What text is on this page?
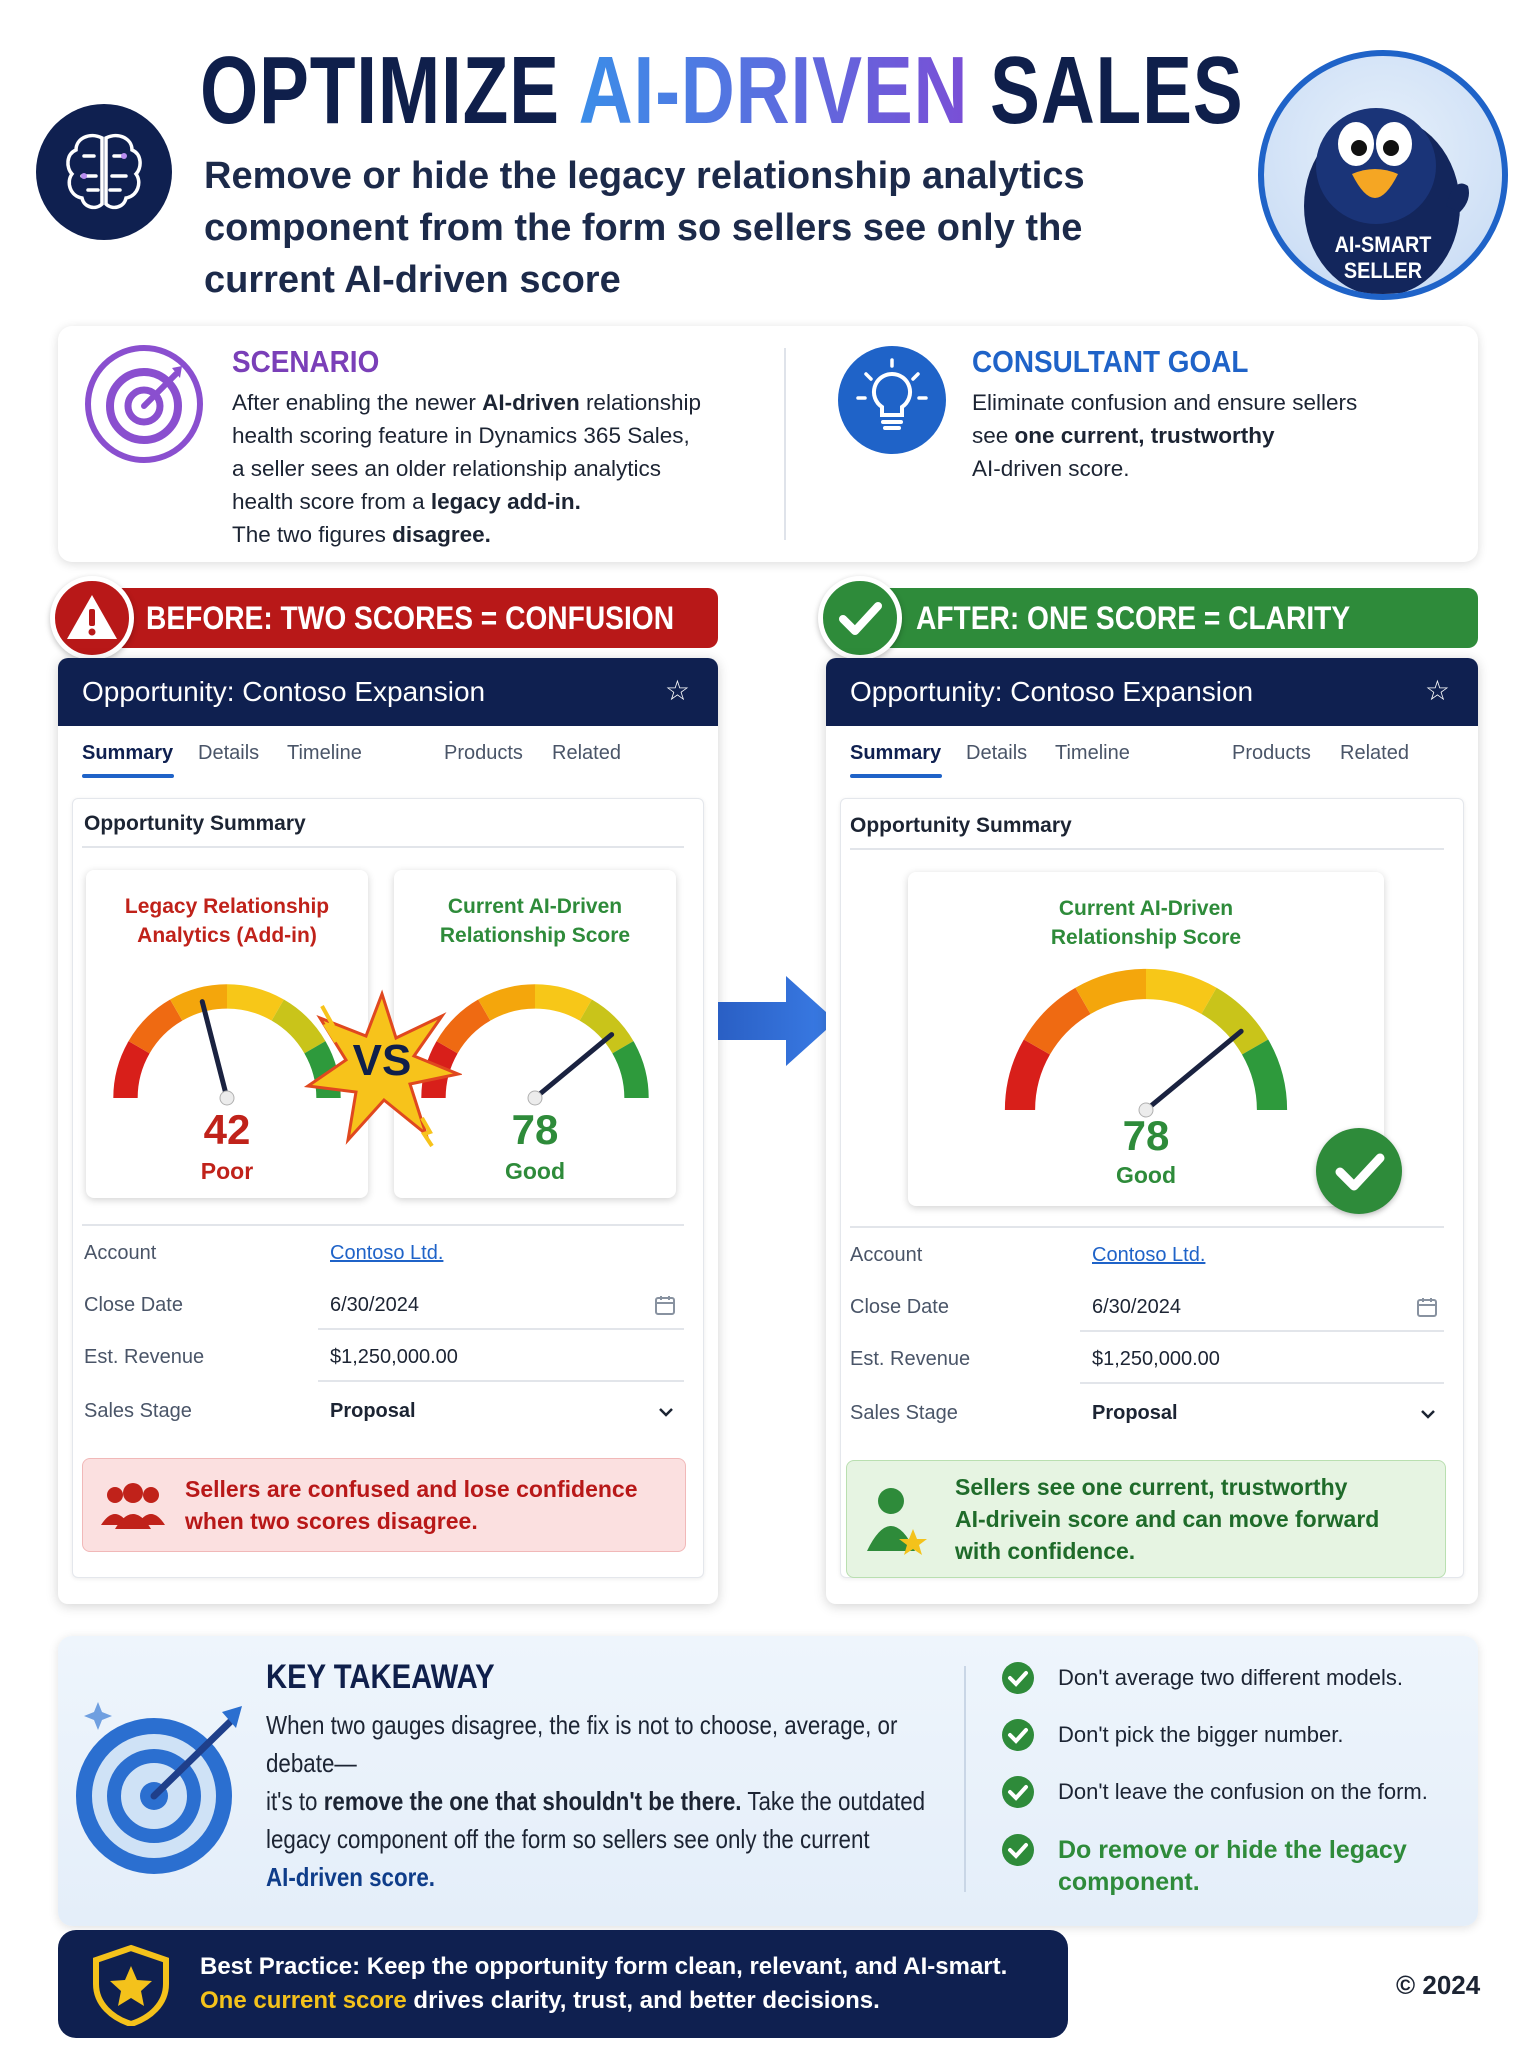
OPTIMIZE AI-DRIVEN SALES
Remove or hide the legacy relationship analytics component from the form so sellers see only the current AI-driven score
AI-SMART
SELLER
SCENARIO
After enabling the newer AI-driven relationship
health scoring feature in Dynamics 365 Sales,
a seller sees an older relationship analytics
health score from a legacy add-in.
The two figures disagree.
CONSULTANT GOAL
Eliminate confusion and ensure sellers
see one current, trustworthy
AI-driven score.
BEFORE: TWO SCORES = CONFUSION	AFTER: ONE SCORE = CLARITY
Opportunity: Contoso Expansion	☆
Summary Details Timeline	Products Related
Opportunity Summary
Legacy Relationship
Analytics (Add-in)
42
Poor
Current AI-Driven
Relationship Score
78
Good
VS
Account	Contoso Ltd.
Close Date	6/30/2024
Est. Revenue	$1,250,000.00
Sales Stage	Proposal
Sellers are confused and lose confidence
when two scores disagree.
Opportunity: Contoso Expansion	☆
Summary Details Timeline	Products Related
Opportunity Summary
Current AI-Driven
Relationship Score
78
Good
Account	Contoso Ltd.
Close Date	6/30/2024
Est. Revenue	$1,250,000.00
Sales Stage	Proposal
Sellers see one current, trustworthy
AI-drivein score and can move forward
with confidence.
KEY TAKEAWAY
When two gauges disagree, the fix is not to choose, average, or debate—
it's to remove the one that shouldn't be there. Take the outdated
legacy component off the form so sellers see only the current
AI-driven score.
Don't average two different models.
Don't pick the bigger number.
Don't leave the confusion on the form.
Do remove or hide the legacy
component.
Best Practice: Keep the opportunity form clean, relevant, and AI-smart.
One current score drives clarity, trust, and better decisions.
© 2024
